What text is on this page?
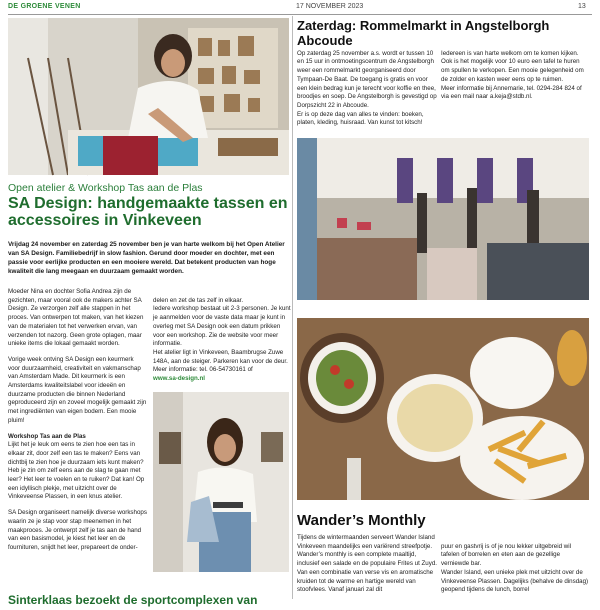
DE GROENE VENEN	17 NOVEMBER 2023	13
Open atelier & Workshop Tas aan de Plas
SA Design: handgemaakte tassen en accessoires in Vinkeveen
Vrijdag 24 november en zaterdag 25 november ben je van harte welkom bij het Open Atelier van SA Design. Familiebedrijf in slow fashion. Gerund door moeder en dochter, met een passie voor eerlijke producten en een mooiere wereld. Dat betekent producten van hoge kwaliteit die lang meegaan en duurzaam gemaakt worden.

Moeder Nina en dochter Sofia Andrea zijn de gezichten, maar vooral ook de makers achter SA Design. Ze verzorgen zelf alle stappen in het proces. Van ontwerpen tot maken, van het kiezen van de materialen tot het verwerken ervan, van verzenden tot nazorg. Geen grote oplagen, maar unieke items die lokaal gemaakt worden.

Vorige week ontving SA Design een keurmerk voor duurzaamheid, creativiteit en vakmanschap van Amsterdam Made. Dit keurmerk is een Amsterdams kwaliteitslabel voor ideeën en duurzame producten die binnen Nederland geproduceerd zijn en zoveel mogelijk gemaakt zijn met ingrediënten van eigen bodem. Een mooie pluim!

Workshop Tas aan de Plas

Lijkt het je leuk om eens te zien hoe een tas in elkaar zit, door zelf een tas te maken? Eens van dichtbij te zien hoe je duurzaam iets kunt maken? Heb je zin om zelf eens aan de slag te gaan met leer? Het leer te voelen en te ruiken? Dat kan! Op een idyllisch plekje, met uitzicht over de Vinkeveense Plassen, in een knus atelier.

SA Design organiseert namelijk diverse workshops waarin ze je stap voor stap meenemen in het maakproces. Je ontwerpt zelf je tas aan de hand van een basismodel, je kiest het leer en de fournituren, snijdt het leer, prepareert de onder-

delen en zet de tas zelf in elkaar.
Iedere workshop bestaat uit 2-3 personen. Je kunt je aanmelden voor de vaste data maar je kunt in overleg met SA Design ook een datum prikken voor een workshop. Zie de website voor meer informatie.
Het atelier ligt in Vinkeveen, Baambrugse Zuwe 148A, aan de steiger. Parkeren kan voor de deur.
Meer informatie: tel. 06-54730161 of
www.sa-design.nl

Sinterklaas bezoekt de sportcomplexen van
Zaterdag: Rommelmarkt in Angstelborgh Abcoude

Op zaterdag 25 november a.s. wordt er tussen 10 en 15 uur in ontmoetingscentrum de Angstelborgh weer een rommelmarkt georganiseerd door Tympaan-De Baat. De toegang is gratis en voor een klein bedrag kun je terecht voor koffie en thee, broodjes en soep. De Angstelborgh is gevestigd op Dorpszicht 22 in Abcoude.
Er is op deze dag van alles te vinden: boeken, platen, kleding, huisraad. Van kunst tot kitsch!

Iedereen is van harte welkom om te komen kijken. Ook is het mogelijk voor 10 euro een tafel te huren om spullen te verkopen. Een mooie gelegenheid om de zolder en kasten weer eens op te ruimen.
Meer informatie bij Annemarie, tel. 0294-284 824 of via een mail naar a.keja@stdb.nl.

Wander’s Monthly
Tijdens de wintermaanden serveert Wander Island Vinkeveen maandelijks een variërend streefpotje. Wander’s monthly is een complete maaltijd, inclusief een salade en de populaire Frites ut Zuyd. Van een combinatie van verse vis en aromatische kruiden tot de warme en hartige wereld van stoofvlees. Vanaf januari zal dit

puur en gastvrij is of je nou lekker uitgebreid wil tafelen of borrelen en eten aan de gezellige verniewde bar.
Wander Island, een unieke plek met uitzicht over de Vinkeveense Plassen. Dagelijks (behalve de dinsdag) geopend tijdens de lunch, borrel
